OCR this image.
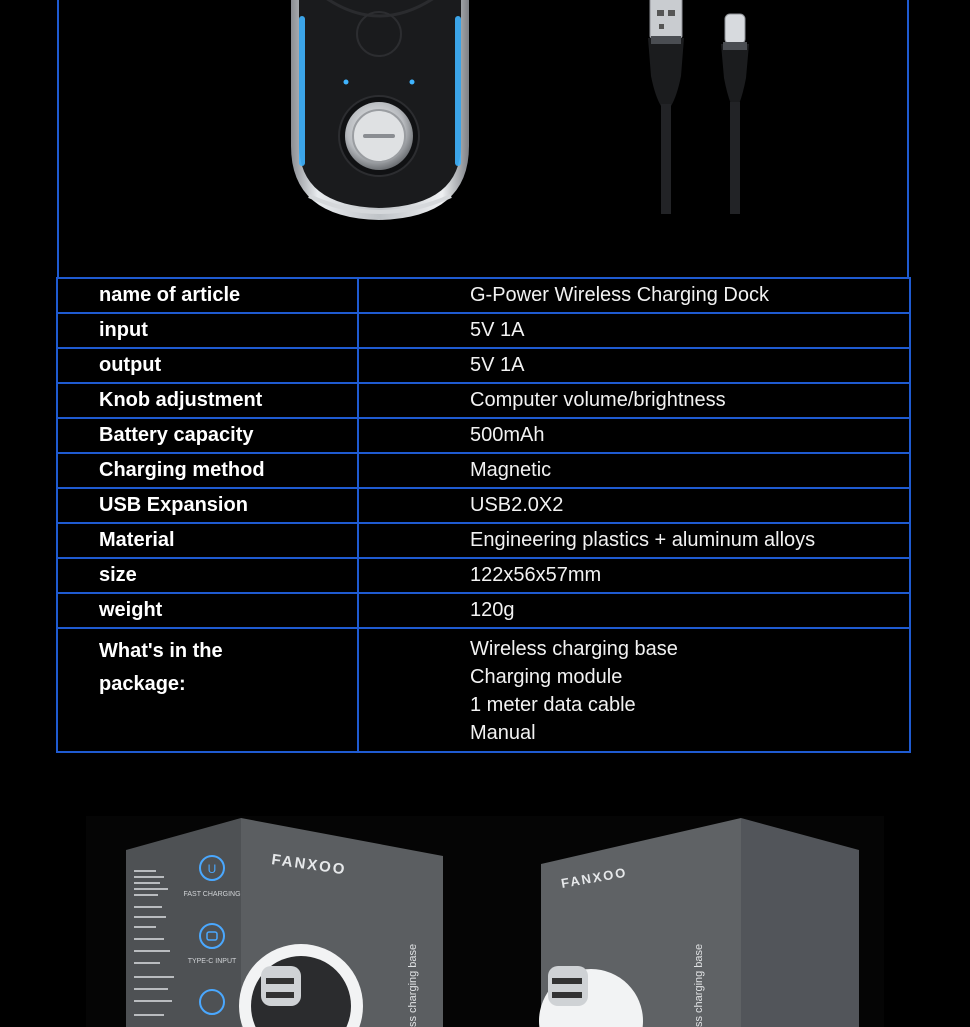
name of article	G-Power Wireless Charging Dock
input	5V 1A
output	5V 1A
Knob adjustment	Computer volume/brightness
Battery capacity	500mAh
Charging method	Magnetic
USB Expansion	USB2.0X2
Material	Engineering plastics + aluminum alloys
size	122x56x57mm
weight	120g

What's in the
package:	Wireless charging base
Charging module
1 meter data cable
Manual
U
FAST CHARGING
TYPE-C INPUT
FANXOO
ss charging base
FANXOO
ss charging base
